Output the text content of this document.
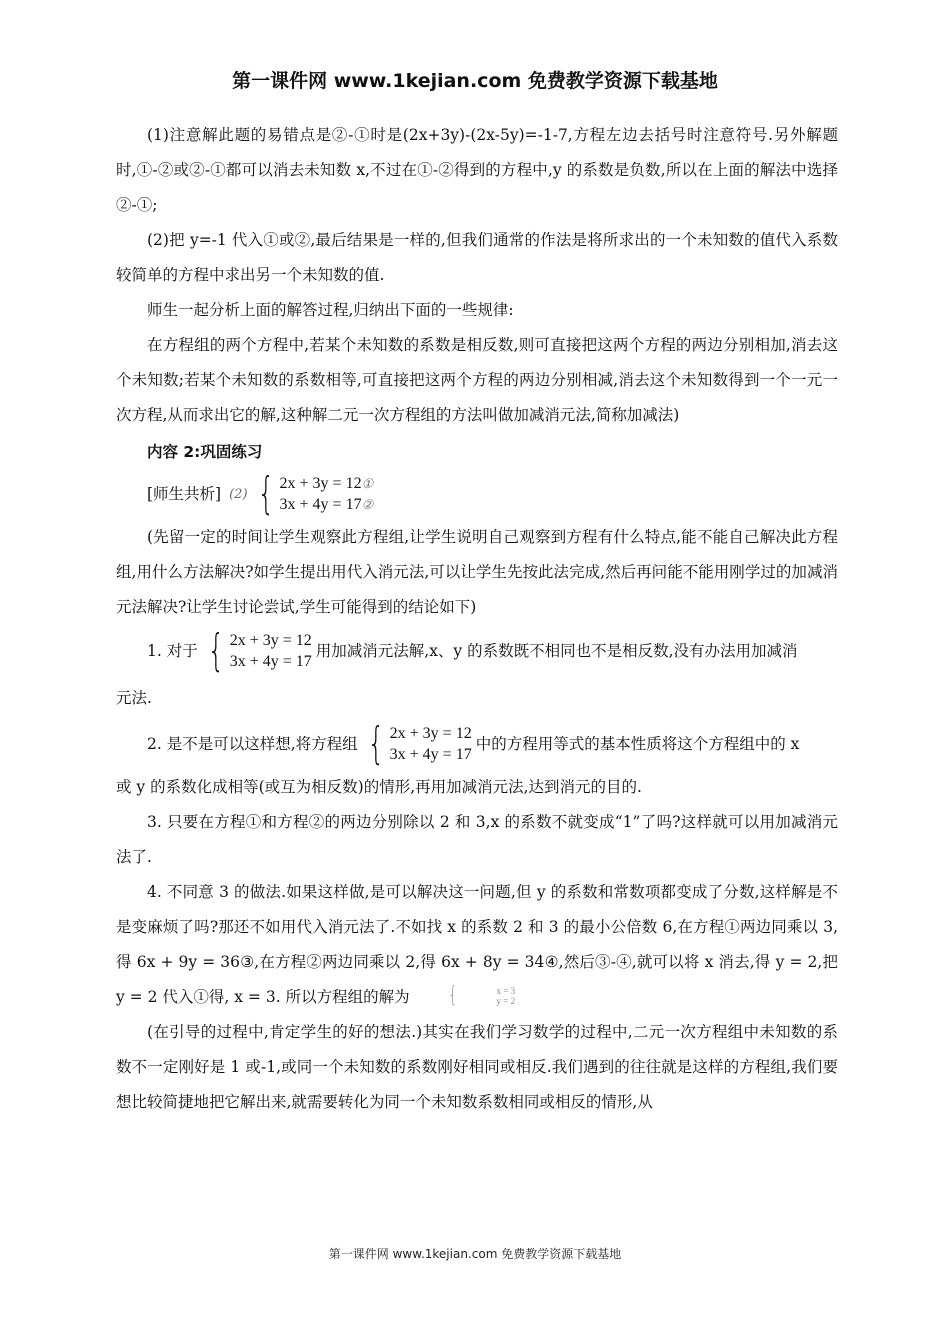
第一课件网 www.1kejian.com 免费教学资源下载基地

(1)注意解此题的易错点是②-①时是(2x+3y)-(2x-5y)=-1-7,方程左边去括号时注意符号.另外解题时,①-②或②-①都可以消去未知数 x,不过在①-②得到的方程中,y 的系数是负数,所以在上面的解法中选择②-①;

(2)把 y=-1 代入①或②,最后结果是一样的,但我们通常的作法是将所求出的一个未知数的值代入系数较简单的方程中求出另一个未知数的值.

师生一起分析上面的解答过程,归纳出下面的一些规律:

在方程组的两个方程中,若某个未知数的系数是相反数,则可直接把这两个方程的两边分别相加,消去这个未知数;若某个未知数的系数相等,可直接把这两个方程的两边分别相减,消去这个未知数得到一个一元一次方程,从而求出它的解,这种解二元一次方程组的方法叫做加减消元法,简称加减法)

内容 2:巩固练习

[师生共析] (2) { 2x + 3y = 12①
3x + 4y = 17②

(先留一定的时间让学生观察此方程组,让学生说明自己观察到方程有什么特点,能不能自己解决此方程组,用什么方法解决?如学生提出用代入消元法,可以让学生先按此法完成,然后再问能不能用刚学过的加减消元法解决?让学生讨论尝试,学生可能得到的结论如下)

1. 对于 { 2x + 3y = 12
3x + 4y = 17
用加减消元法解,x、y 的系数既不相同也不是相反数,没有办法用加减消

元法.

2. 是不是可以这样想,将方程组 { 2x + 3y = 12
3x + 4y = 17
中的方程用等式的基本性质将这个方程组中的 x

或 y 的系数化成相等(或互为相反数)的情形,再用加减消元法,达到消元的目的.

3. 只要在方程①和方程②的两边分别除以 2 和 3,x 的系数不就变成“1”了吗?这样就可以用加减消元法了.

4. 不同意 3 的做法.如果这样做,是可以解决这一问题,但 y 的系数和常数项都变成了分数,这样解是不是变麻烦了吗?那还不如用代入消元法了.不如找 x 的系数 2 和 3 的最小公倍数 6,在方程①两边同乘以 3,得 6x + 9y = 36③,在方程②两边同乘以 2,得 6x + 8y = 34④,然后③-④,就可以将 x 消去,得 y = 2,把 y = 2 代入①得, x = 3. 所以方程组的解为	{	x = 3
y = 2

(在引导的过程中,肯定学生的好的想法.)其实在我们学习数学的过程中,二元一次方程组中未知数的系数不一定刚好是 1 或-1,或同一个未知数的系数刚好相同或相反.我们遇到的往往就是这样的方程组,我们要想比较简捷地把它解出来,就需要转化为同一个未知数系数相同或相反的情形,从

第一课件网 www.1kejian.com 免费教学资源下载基地
